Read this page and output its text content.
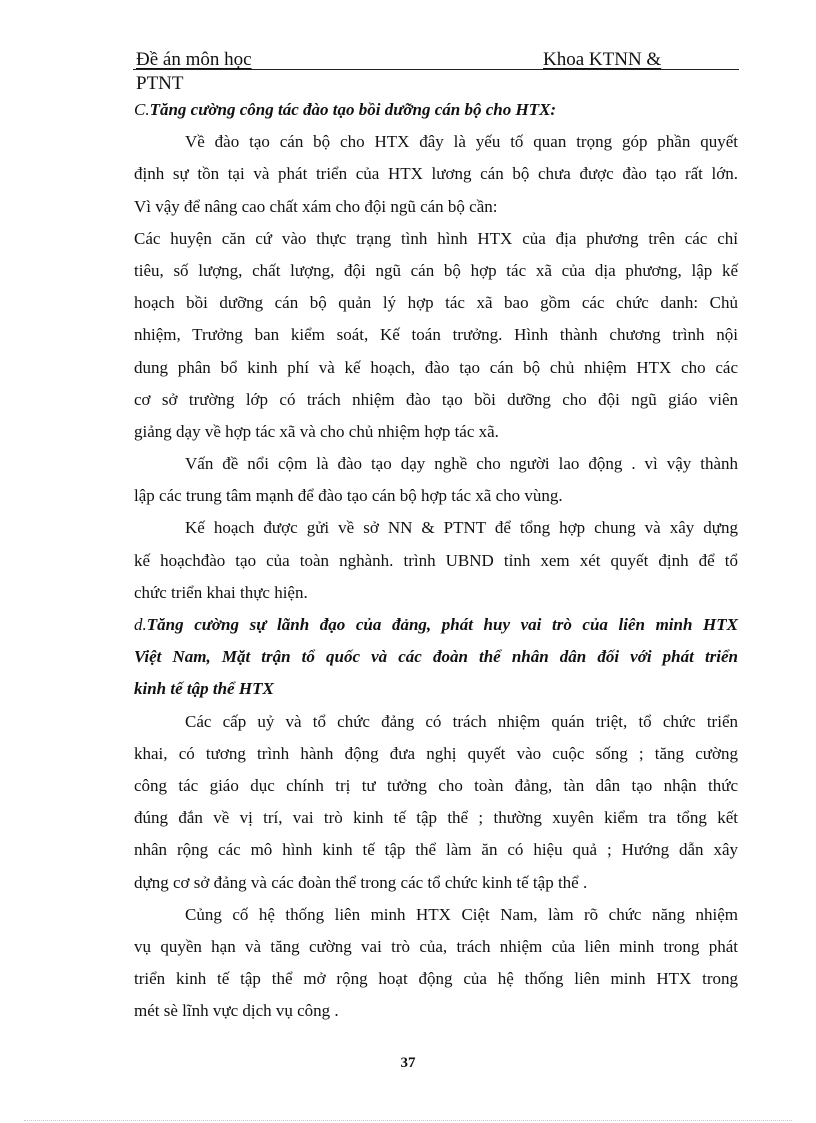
Đề án môn học	Khoa KTNN &
PTNT
C.Tăng cường công tác đào tạo bồi dưỡng cán bộ cho HTX:
Về đào tạo cán bộ cho HTX đây là yếu tố quan trọng góp phần quyết
định sự tồn tại và phát triển của HTX lương cán bộ chưa được đào tạo rất lớn.
Vì vậy để nâng cao chất xám cho đội ngũ cán bộ cần:
Các huyện căn cứ vào thực trạng tình hình HTX của địa phương trên các chỉ
tiêu, số lượng, chất lượng, đội ngũ cán bộ hợp tác xã của dịa phương, lập kế
hoạch bồi dưỡng cán bộ quản lý hợp tác xã bao gồm các chức danh: Chủ
nhiệm, Trưởng ban kiểm soát, Kế toán trưởng. Hình thành chương trình nội
dung phân bổ kinh phí và kế hoạch, đào tạo cán bộ chủ nhiệm HTX cho các
cơ sở trường lớp có trách nhiệm đào tạo bồi dưỡng cho đội ngũ giáo viên
giảng dạy về hợp tác xã và cho chủ nhiệm hợp tác xã.
Vấn đề nổi cộm là đào tạo dạy nghề cho người lao động . vì vậy thành
lập các trung tâm mạnh để đào tạo cán bộ hợp tác xã cho vùng.
Kế hoạch được gửi về sở NN & PTNT để tổng hợp chung và xây dựng
kế hoạchđào tạo của toàn nghành. trình UBND tỉnh xem xét quyết định để tổ
chức triển khai thực hiện.
d.Tăng cường sự lãnh đạo của đảng, phát huy vai trò của liên minh HTX
Việt Nam, Mặt trận tổ quốc và các đoàn thể nhân dân đối với phát triển
kinh tế tập thể HTX
Các cấp uỷ và tổ chức đảng có trách nhiệm quán triệt, tổ chức triển
khai, có tương trình hành động đưa nghị quyết vào cuộc sống ; tăng cường
công tác giáo dục chính trị tư tưởng cho toàn đảng, tàn dân tạo nhận thức
đúng đắn về vị trí, vai trò kinh tế tập thể ; thường xuyên kiểm tra tổng kết
nhân rộng các mô hình kinh tế tập thể làm ăn có hiệu quả ; Hướng dẫn xây
dựng cơ sở đảng và các đoàn thể trong các tổ chức kinh tế tập thể .
Củng cố hệ thống liên minh HTX Ciệt Nam, làm rõ chức năng nhiệm
vụ quyền hạn và tăng cường vai trò của, trách nhiệm của liên minh trong phát
triển kinh tế tập thể mở rộng hoạt động của hệ thống liên minh HTX trong
mét sè lĩnh vực dịch vụ công .
37
